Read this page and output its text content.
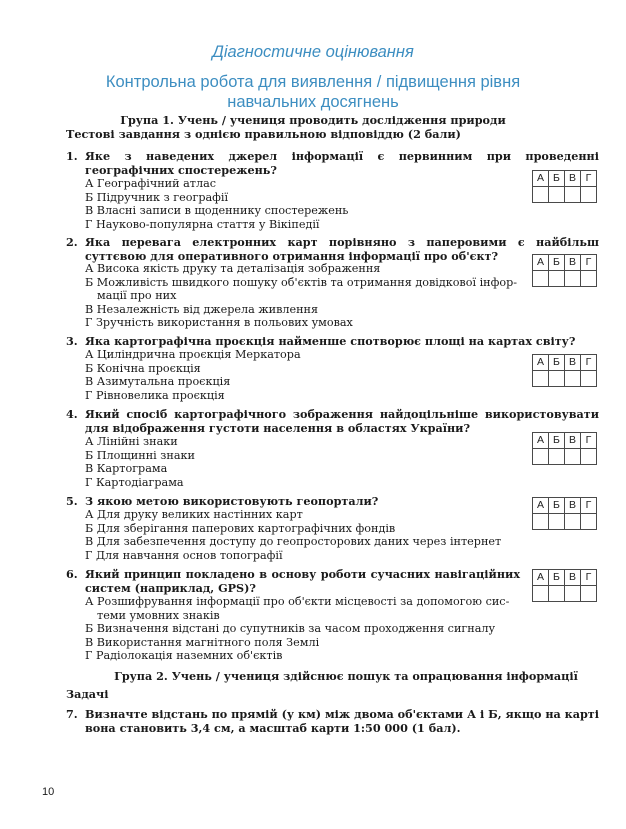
Діагностичне оцінювання
Контрольна робота для виявлення / підвищення рівня навчальних досягнень
Група 1. Учень / учениця проводить дослідження природи
Тестові завдання з однією правильною відповіддю (2 бали)
1. Яке з наведених джерел інформації є первинним при проведенні географічних спостережень?
А Географічний атлас
Б Підручник з географії
В Власні записи в щоденнику спостережень
Г Науково-популярна стаття у Вікіпедії
А	Б	В	Г

2. Яка перевага електронних карт порівняно з паперовими є найбільш суттєвою для оперативного отримання інформації про об'єкт?
А Висока якість друку та деталізація зображення
Б Можливість швидкого пошуку об'єктів та отримання довідкової інфор-
мації про них
В Незалежність від джерела живлення
Г Зручність використання в польових умовах
А	Б	В	Г

3. Яка картографічна проєкція найменше спотворює площі на картах світу?
А Циліндрична проєкція Меркатора
Б Конічна проєкція
В Азимутальна проєкція
Г Рівновелика проєкція
А	Б	В	Г

4. Який спосіб картографічного зображення найдоцільніше використовувати для відображення густоти населення в областях України?
А Лінійні знаки
Б Площинні знаки
В Картограма
Г Картодіаграма
А	Б	В	Г

5. З якою метою використовують геопортали?
А Для друку великих настінних карт
Б Для зберігання паперових картографічних фондів
В Для забезпечення доступу до геопросторових даних через інтернет
Г Для навчання основ топографії
А	Б	В	Г

6. Який принцип покладено в основу роботи сучасних навігаційних систем (наприклад, GPS)?
А Розшифрування інформації про об'єкти місцевості за допомогою сис-
теми умовних знаків
Б Визначення відстані до супутників за часом проходження сигналу
В Використання магнітного поля Землі
Г Радіолокація наземних об'єктів
А	Б	В	Г

Група 2. Учень / учениця здійснює пошук та опрацювання інформації
Задачі
7. Визначте відстань по прямій (у км) між двома об'єктами А і Б, якщо на карті вона становить 3,4 см, а масштаб карти 1:50 000 (1 бал).
10
